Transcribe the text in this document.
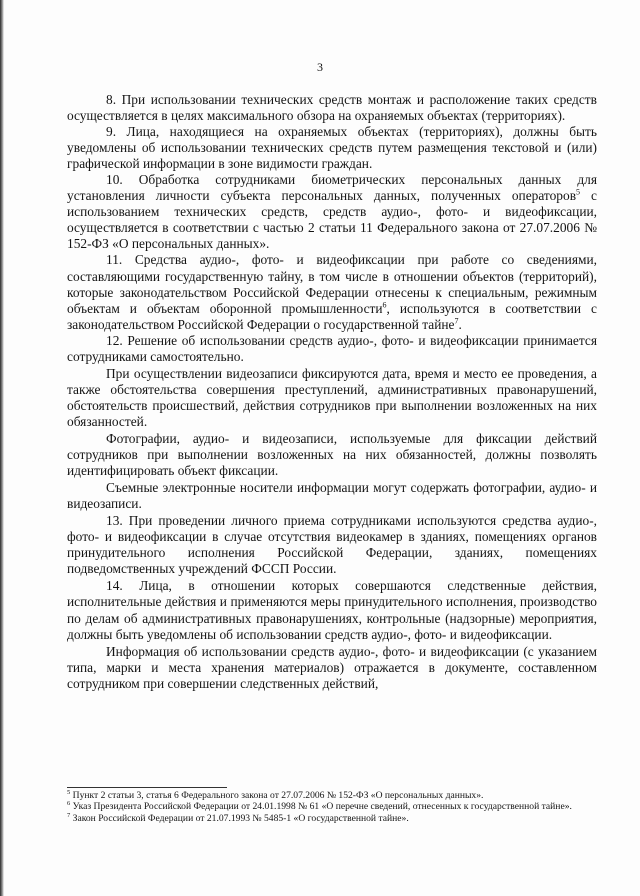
3

8. При использовании технических средств монтаж и расположение таких средств осуществляется в целях максимального обзора на охраняемых объектах (территориях).

9. Лица, находящиеся на охраняемых объектах (территориях), должны быть уведомлены об использовании технических средств путем размещения текстовой и (или) графической информации в зоне видимости граждан.

10. Обработка сотрудниками биометрических персональных данных для установления личности субъекта персональных данных, полученных операторов$^5$ с использованием технических средств, средств аудио-, фото- и видеофиксации, осуществляется в соответствии с частью 2 статьи 11 Федерального закона от 27.07.2006 № 152-ФЗ «О персональных данных».

11. Средства аудио-, фото- и видеофиксации при работе со сведениями, составляющими государственную тайну, в том числе в отношении объектов (территорий), которые законодательством Российской Федерации отнесены к специальным, режимным объектам и объектам оборонной промышленности$^6$, используются в соответствии с законодательством Российской Федерации о государственной тайне$^7$.

12. Решение об использовании средств аудио-, фото- и видеофиксации принимается сотрудниками самостоятельно.

При осуществлении видеозаписи фиксируются дата, время и место ее проведения, а также обстоятельства совершения преступлений, административных правонарушений, обстоятельств происшествий, действия сотрудников при выполнении возложенных на них обязанностей.

Фотографии, аудио- и видеозаписи, используемые для фиксации действий сотрудников при выполнении возложенных на них обязанностей, должны позволять идентифицировать объект фиксации.

Съемные электронные носители информации могут содержать фотографии, аудио- и видеозаписи.

13. При проведении личного приема сотрудниками используются средства аудио-, фото- и видеофиксации в случае отсутствия видеокамер в зданиях, помещениях органов принудительного исполнения Российской Федерации, зданиях, помещениях подведомственных учреждений ФССП России.

14. Лица, в отношении которых совершаются следственные действия, исполнительные действия и применяются меры принудительного исполнения, производство по делам об административных правонарушениях, контрольные (надзорные) мероприятия, должны быть уведомлены об использовании средств аудио-, фото- и видеофиксации.

Информация об использовании средств аудио-, фото- и видеофиксации (с указанием типа, марки и места хранения материалов) отражается в документе, составленном сотрудником при совершении следственных действий,

$^5$ Пункт 2 статьи 3, статья 6 Федерального закона от 27.07.2006 № 152-ФЗ «О персональных данных».

$^6$ Указ Президента Российской Федерации от 24.01.1998 № 61 «О перечне сведений, отнесенных к государственной тайне».

$^7$ Закон Российской Федерации от 21.07.1993 № 5485-1 «О государственной тайне».
